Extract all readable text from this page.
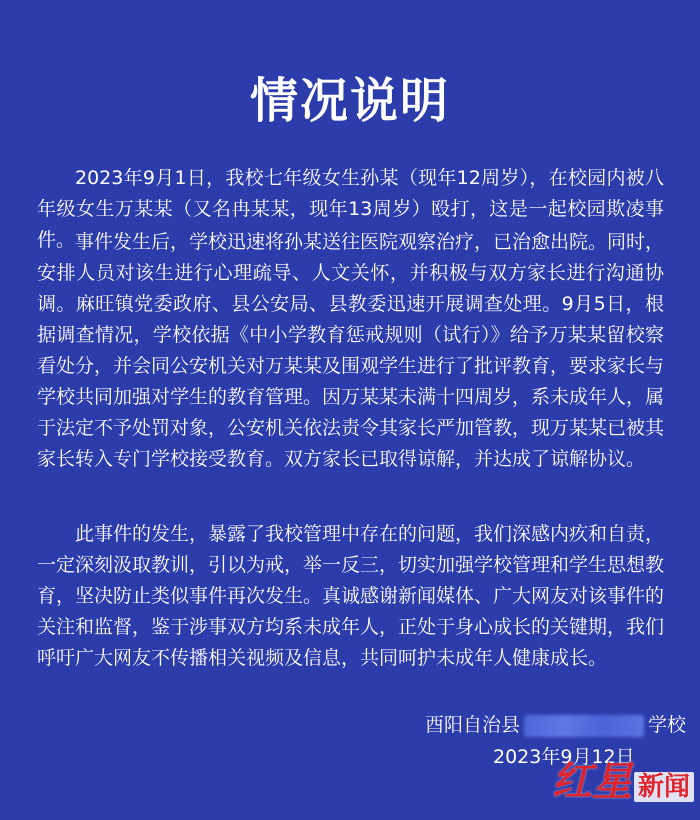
情况说明
2023年9月1日，我校七年级女生孙某（现年12周岁），在校园内被八年级女生万某某（又名冉某某，现年13周岁）殴打，这是一起校园欺凌事件。 事件发生后，学校迅速将孙某送往医院观察治疗，已治愈出院。同时，安排人员对该生进行心理疏导、人文关怀，并积极与双方家长进行沟通协调。麻旺镇党委政府、县公安局、县教委迅速开展调查处理。9月5日，根据调查情况，学校依据《中小学教育惩戒规则（试行）》给予万某某留校察看处分，并会同公安机关对万某某及围观学生进行了批评教育，要求家长与学校共同加强对学生的教育管理。因万某某未满十四周岁，系未成年人，属于法定不予处罚对象，公安机关依法责令其家长严加管教，现万某某已被其家长转入专门学校接受教育。双方家长已取得谅解，并达成了谅解协议。
此事件的发生，暴露了我校管理中存在的问题，我们深感内疚和自责，一定深刻汲取教训，引以为戒，举一反三，切实加强学校管理和学生思想教育，坚决防止类似事件再次发生。真诚感谢新闻媒体、广大网友对该事件的关注和监督，鉴于涉事双方均系未成年人，正处于身心成长的关键期，我们呼吁广大网友不传播相关视频及信息，共同呵护未成年人健康成长。
酉阳自治县	学校
2023年9月12日
红星 新闻
